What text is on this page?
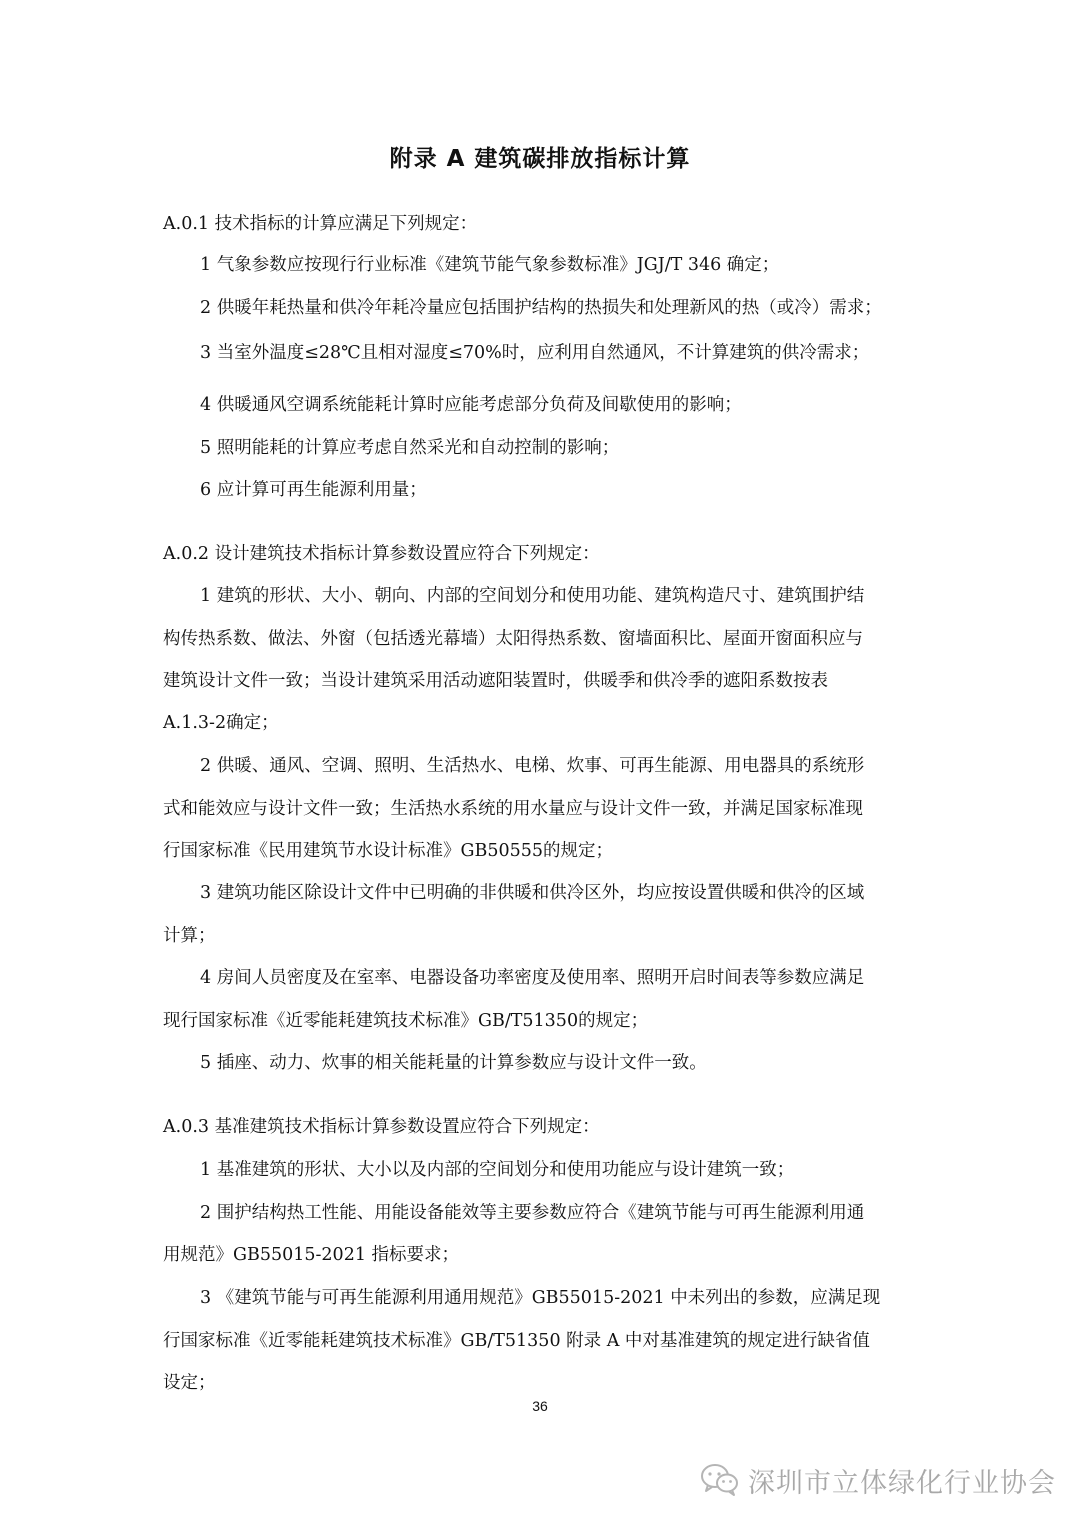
附录 A 建筑碳排放指标计算
A.0.1 技术指标的计算应满足下列规定：
1 气象参数应按现行行业标准《建筑节能气象参数标准》JGJ/T 346 确定；
2 供暖年耗热量和供冷年耗冷量应包括围护结构的热损失和处理新风的热（或冷）需求；
3 当室外温度≤28℃且相对湿度≤70%时，应利用自然通风，不计算建筑的供冷需求；
4 供暖通风空调系统能耗计算时应能考虑部分负荷及间歇使用的影响；
5 照明能耗的计算应考虑自然采光和自动控制的影响；
6 应计算可再生能源利用量；
A.0.2 设计建筑技术指标计算参数设置应符合下列规定：
1 建筑的形状、大小、朝向、内部的空间划分和使用功能、建筑构造尺寸、建筑围护结
构传热系数、做法、外窗（包括透光幕墙）太阳得热系数、窗墙面积比、屋面开窗面积应与
建筑设计文件一致；当设计建筑采用活动遮阳装置时，供暖季和供冷季的遮阳系数按表
A.1.3-2确定；
2 供暖、通风、空调、照明、生活热水、电梯、炊事、可再生能源、用电器具的系统形
式和能效应与设计文件一致；生活热水系统的用水量应与设计文件一致，并满足国家标准现
行国家标准《民用建筑节水设计标准》GB50555的规定；
3 建筑功能区除设计文件中已明确的非供暖和供冷区外，均应按设置供暖和供冷的区域
计算；
4 房间人员密度及在室率、电器设备功率密度及使用率、照明开启时间表等参数应满足
现行国家标准《近零能耗建筑技术标准》GB/T51350的规定；
5 插座、动力、炊事的相关能耗量的计算参数应与设计文件一致。
A.0.3 基准建筑技术指标计算参数设置应符合下列规定：
1 基准建筑的形状、大小以及内部的空间划分和使用功能应与设计建筑一致；
2 围护结构热工性能、用能设备能效等主要参数应符合《建筑节能与可再生能源利用通
用规范》GB55015-2021 指标要求；
3 《建筑节能与可再生能源利用通用规范》GB55015-2021 中未列出的参数，应满足现
行国家标准《近零能耗建筑技术标准》GB/T51350 附录 A 中对基准建筑的规定进行缺省值
设定；
36
深圳市立体绿化行业协会
